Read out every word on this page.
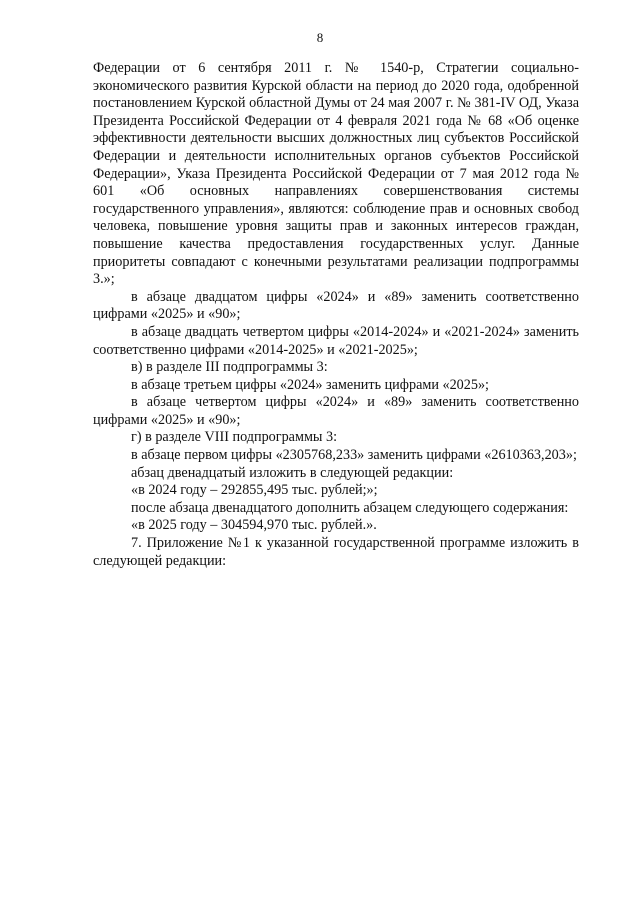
8

Федерации от 6 сентября 2011 г. № 1540-р, Стратегии социально-экономического развития Курской области на период до 2020 года, одобренной постановлением Курской областной Думы от 24 мая 2007 г. № 381-IV ОД, Указа Президента Российской Федерации от 4 февраля 2021 года № 68 «Об оценке эффективности деятельности высших должностных лиц субъектов Российской Федерации и деятельности исполнительных органов субъектов Российской Федерации», Указа Президента Российской Федерации от 7 мая 2012 года № 601 «Об основных направлениях совершенствования системы государственного управления», являются: соблюдение прав и основных свобод человека, повышение уровня защиты прав и законных интересов граждан, повышение качества предоставления государственных услуг. Данные приоритеты совпадают с конечными результатами реализации подпрограммы 3.»;

в абзаце двадцатом цифры «2024» и «89» заменить соответственно цифрами «2025» и «90»;

в абзаце двадцать четвертом цифры «2014-2024» и «2021-2024» заменить соответственно цифрами «2014-2025» и «2021-2025»;

в) в разделе III подпрограммы 3:

в абзаце третьем цифры «2024» заменить цифрами «2025»;

в абзаце четвертом цифры «2024» и «89» заменить соответственно цифрами «2025» и «90»;

г) в разделе VIII подпрограммы 3:

в абзаце первом цифры «2305768,233» заменить цифрами «2610363,203»;

абзац двенадцатый изложить в следующей редакции:

«в 2024 году – 292855,495 тыс. рублей;»;

после абзаца двенадцатого дополнить абзацем следующего содержания:

«в 2025 году – 304594,970 тыс. рублей.».

7. Приложение №1 к указанной государственной программе изложить в следующей редакции:
